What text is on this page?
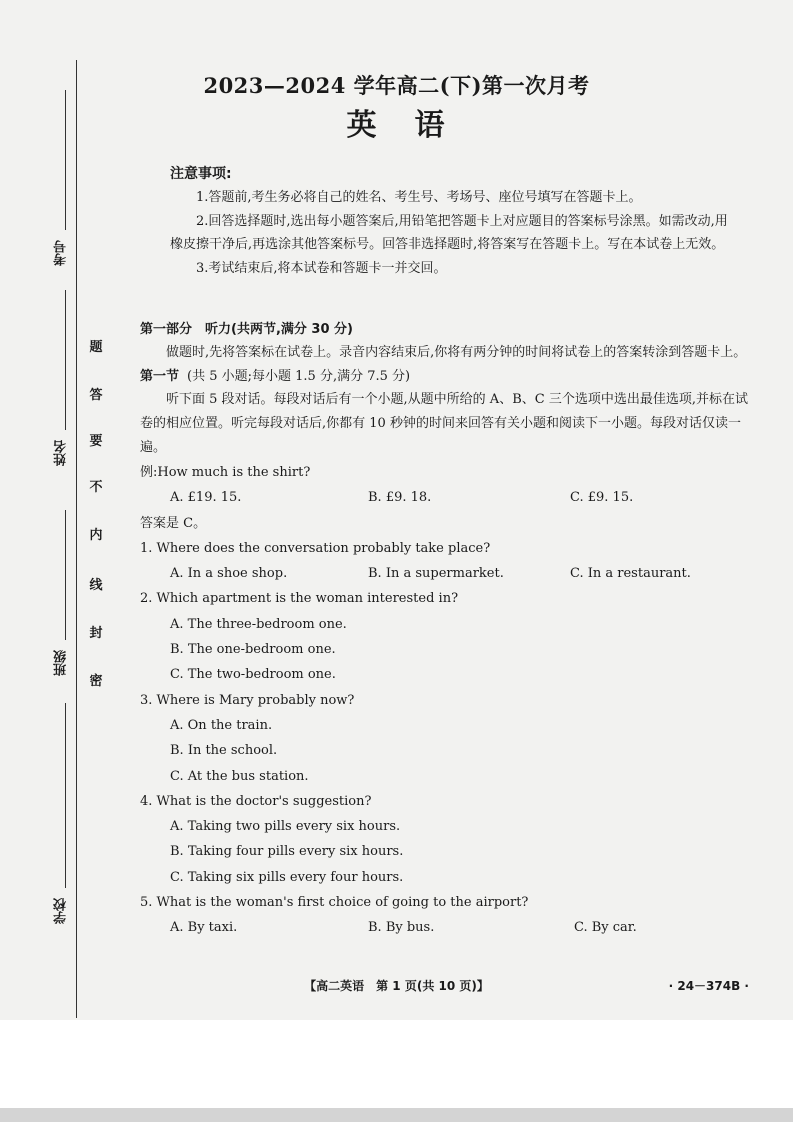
考号
姓名
班级
学校
题
答
要
不
内
线
封
密
2023—2024 学年高二(下)第一次月考
英语
注意事项:

1.答题前,考生务必将自己的姓名、考生号、考场号、座位号填写在答题卡上。

2.回答选择题时,选出每小题答案后,用铅笔把答题卡上对应题目的答案标号涂黑。如需改动,用橡皮擦干净后,再选涂其他答案标号。回答非选择题时,将答案写在答题卡上。写在本试卷上无效。

3.考试结束后,将本试卷和答题卡一并交回。

第一部分　听力(共两节,满分 30 分)

做题时,先将答案标在试卷上。录音内容结束后,你将有两分钟的时间将试卷上的答案转涂到答题卡上。

第一节 (共 5 小题;每小题 1.5 分,满分 7.5 分)

听下面 5 段对话。每段对话后有一个小题,从题中所给的 A、B、C 三个选项中选出最佳选项,并标在试卷的相应位置。听完每段对话后,你都有 10 秒钟的时间来回答有关小题和阅读下一小题。每段对话仅读一遍。

例:How much is the shirt?
A. £19. 15.	B. £9. 18.	C. £9. 15.
答案是 C。
1. Where does the conversation probably take place?
A. In a shoe shop.	B. In a supermarket.	C. In a restaurant.
2. Which apartment is the woman interested in?
A. The three-bedroom one.
B. The one-bedroom one.
C. The two-bedroom one.
3. Where is Mary probably now?
A. On the train.
B. In the school.
C. At the bus station.
4. What is the doctor's suggestion?
A. Taking two pills every six hours.
B. Taking four pills every six hours.
C. Taking six pills every four hours.
5. What is the woman's first choice of going to the airport?
A. By taxi.	B. By bus.	C. By car.
【高二英语　第 1 页(共 10 页)】	· 24－374B ·
